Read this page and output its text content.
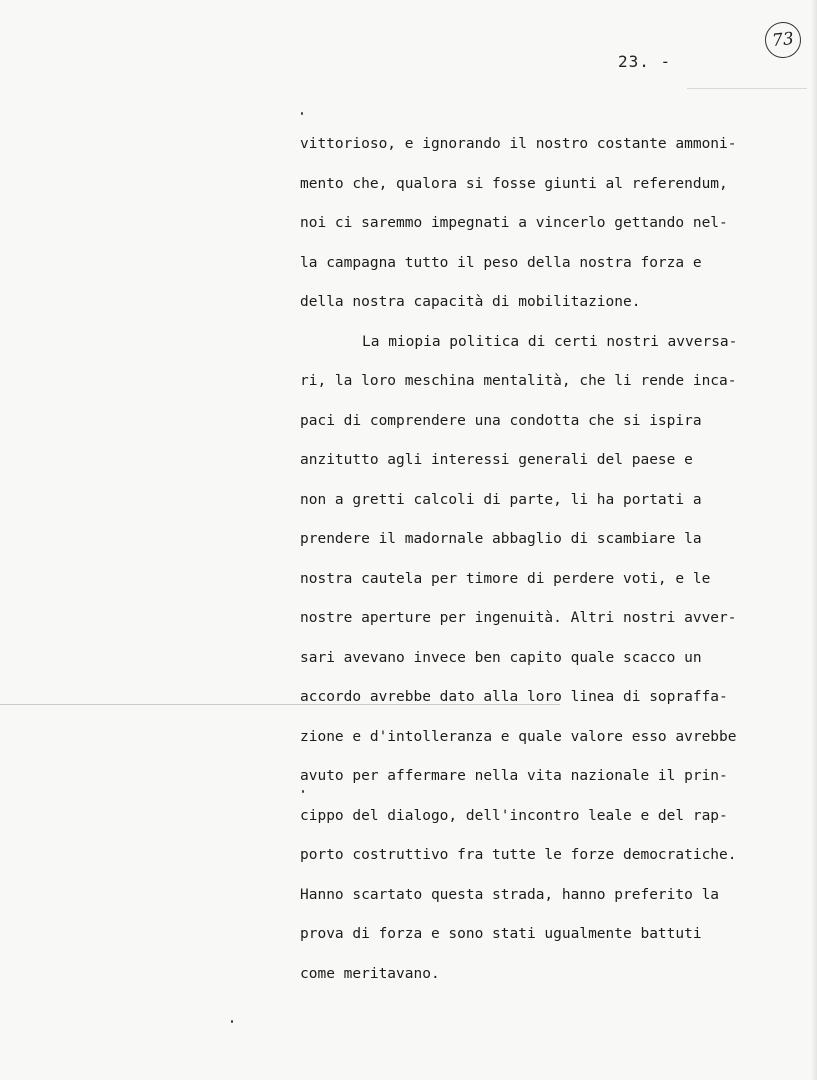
23. -
73
vittorioso, e ignorando il nostro costante ammoni-
mento che, qualora si fosse giunti al referendum,
noi ci saremmo impegnati a vincerlo gettando nel-
la campagna tutto il peso della nostra forza e
della nostra capacità di mobilitazione.
La miopia politica di certi nostri avversa-
ri, la loro meschina mentalità, che li rende inca-
paci di comprendere una condotta che si ispira
anzitutto agli interessi generali del paese e
non a gretti calcoli di parte, li ha portati a
prendere il madornale abbaglio di scambiare la
nostra cautela per timore di perdere voti, e le
nostre aperture per ingenuità. Altri nostri avver-
sari avevano invece ben capito quale scacco un
accordo avrebbe dato alla loro linea di sopraffa-
zione e d'intolleranza e quale valore esso avrebbe
avuto per affermare nella vita nazionale il prin-
cippo del dialogo, dell'incontro leale e del rap-
porto costruttivo fra tutte le forze democratiche.
Hanno scartato questa strada, hanno preferito la
prova di forza e sono stati ugualmente battuti
come meritavano.
